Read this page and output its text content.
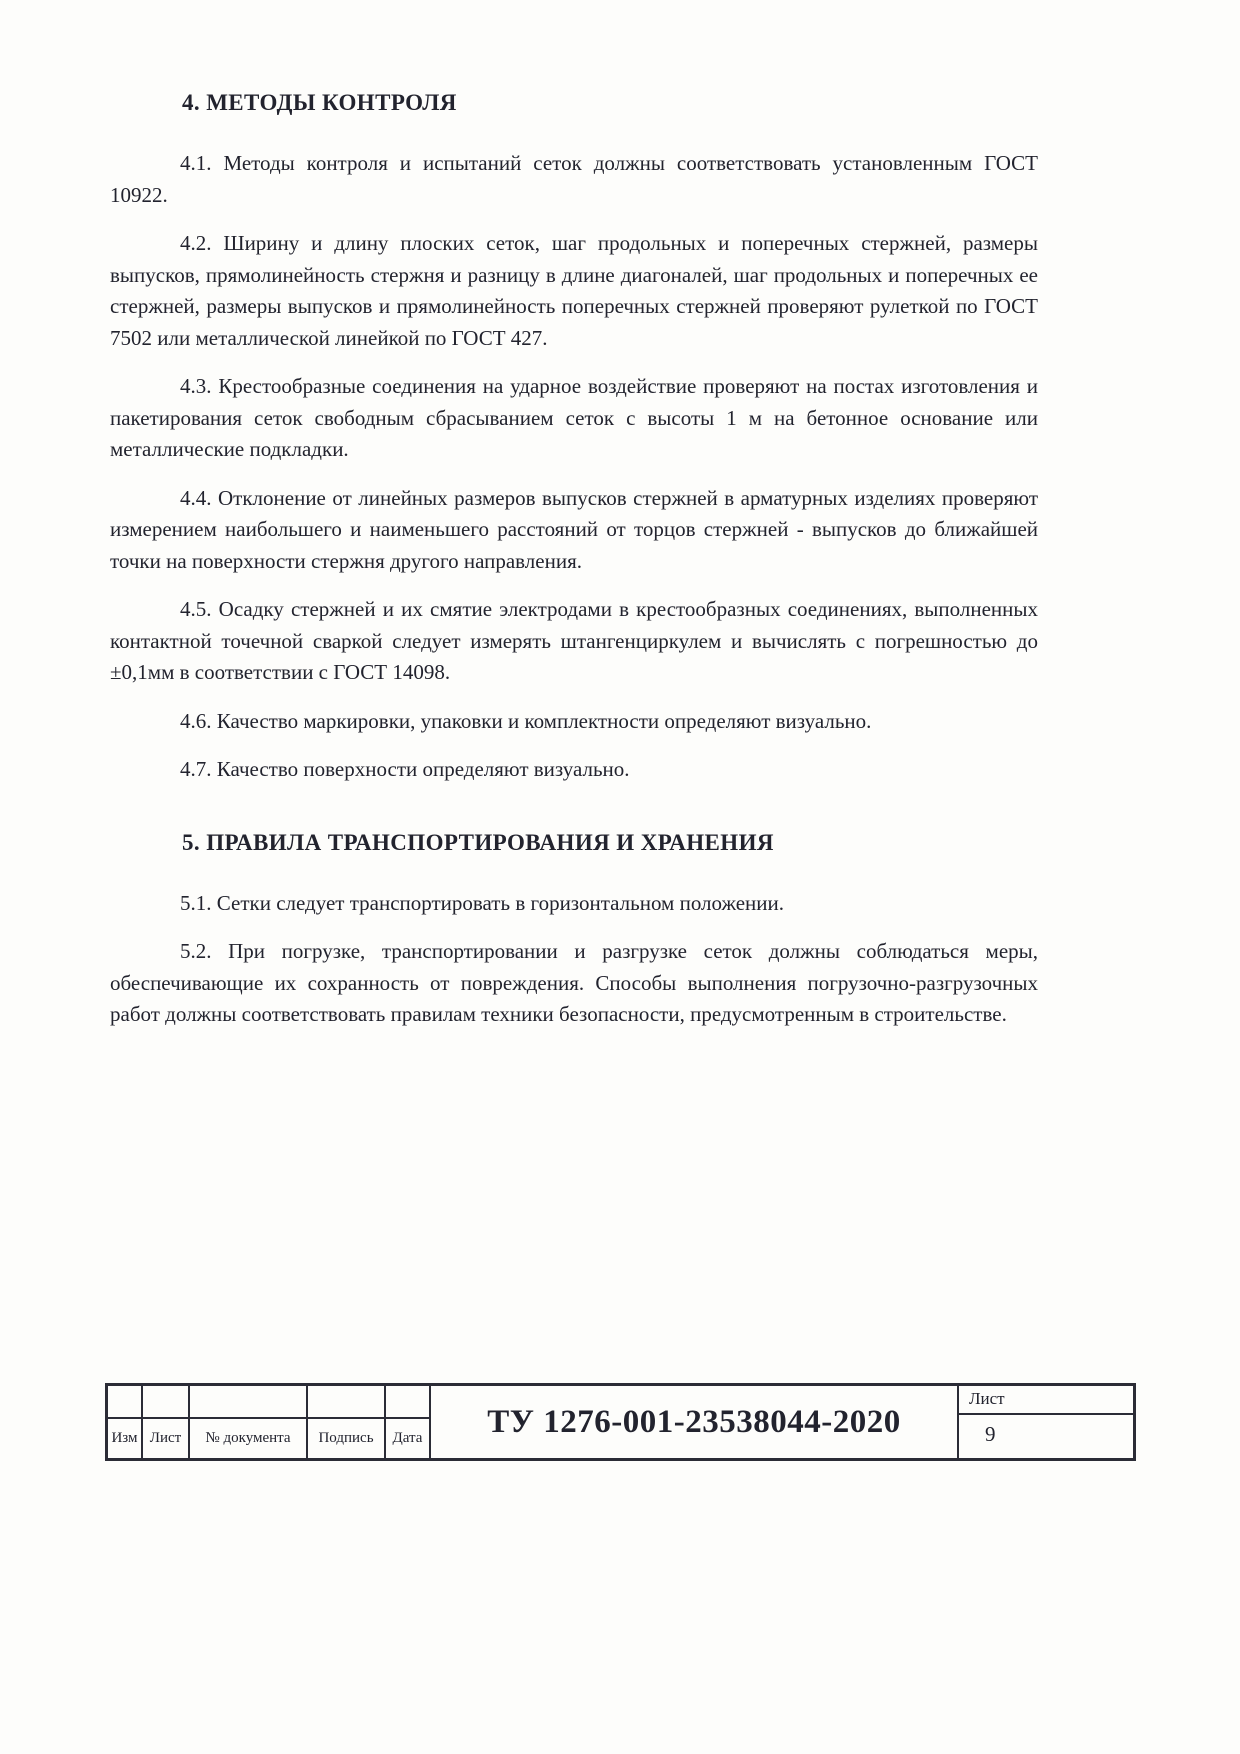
4. МЕТОДЫ КОНТРОЛЯ

4.1. Методы контроля и испытаний сеток должны соответствовать установленным ГОСТ 10922.

4.2. Ширину и длину плоских сеток, шаг продольных и поперечных стержней, размеры выпусков, прямолинейность стержня и разницу в длине диагоналей, шаг продольных и поперечных ее стержней, размеры выпусков и прямолинейность поперечных стержней проверяют рулеткой по ГОСТ 7502 или металлической линейкой по ГОСТ 427.

4.3. Крестообразные соединения на ударное воздействие проверяют на постах изготовления и пакетирования сеток свободным сбрасыванием сеток с высоты 1 м на бетонное основание или металлические подкладки.

4.4. Отклонение от линейных размеров выпусков стержней в арматурных изделиях проверяют измерением наибольшего и наименьшего расстояний от торцов стержней - выпусков до ближайшей точки на поверхности стержня другого направления.

4.5. Осадку стержней и их смятие электродами в крестообразных соединениях, выполненных контактной точечной сваркой следует измерять штангенциркулем и вычислять с погрешностью до ±0,1мм в соответствии с ГОСТ 14098.

4.6. Качество маркировки, упаковки и комплектности определяют визуально.

4.7. Качество поверхности определяют визуально.

5. ПРАВИЛА ТРАНСПОРТИРОВАНИЯ И ХРАНЕНИЯ

5.1. Сетки следует транспортировать в горизонтальном положении.

5.2. При погрузке, транспортировании и разгрузке сеток должны соблюдаться меры, обеспечивающие их сохранность от повреждения. Способы выполнения погрузочно-разгрузочных работ должны соответствовать правилам техники безопасности, предусмотренным в строительстве.

Изм Лист	№ документа	Подпись	Дата	ТУ 1276-001-23538044-2020
Лист
9
